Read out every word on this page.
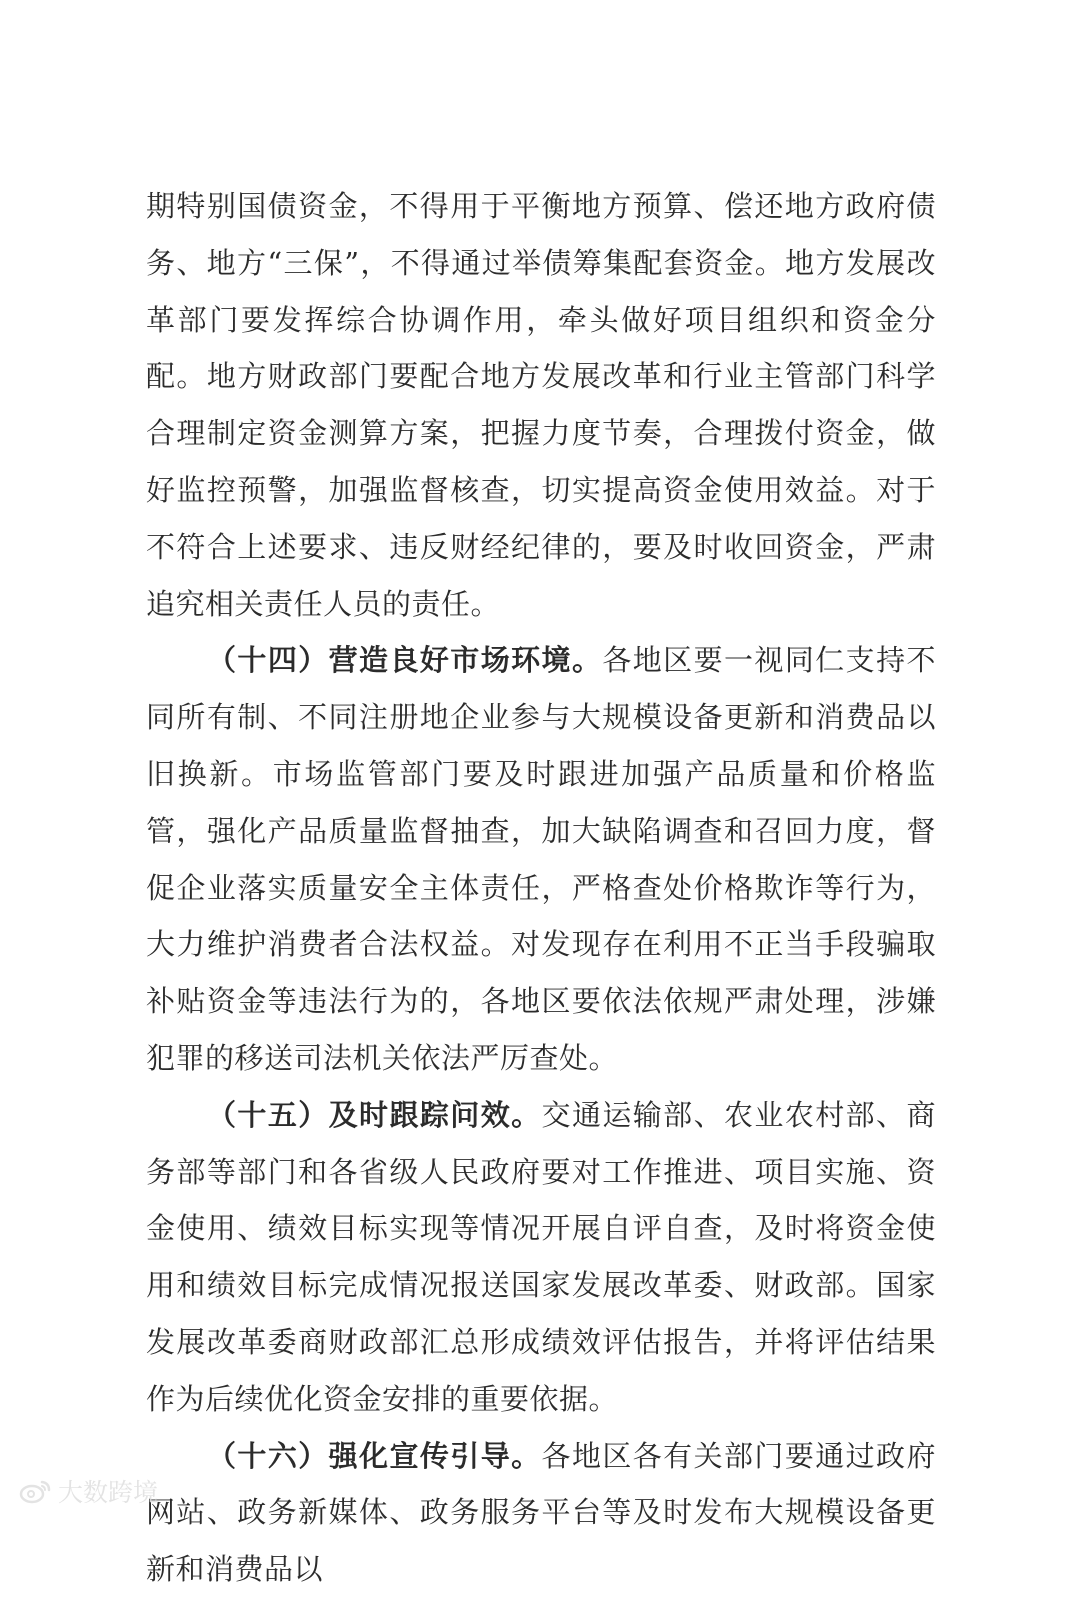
期特别国债资金，不得用于平衡地方预算、偿还地方政府债务、地方“三保”，不得通过举债筹集配套资金。地方发展改革部门要发挥综合协调作用，牵头做好项目组织和资金分配。地方财政部门要配合地方发展改革和行业主管部门科学合理制定资金测算方案，把握力度节奏，合理拨付资金，做好监控预警，加强监督核查，切实提高资金使用效益。对于不符合上述要求、违反财经纪律的，要及时收回资金，严肃追究相关责任人员的责任。

（十四）营造良好市场环境。各地区要一视同仁支持不同所有制、不同注册地企业参与大规模设备更新和消费品以旧换新。市场监管部门要及时跟进加强产品质量和价格监管，强化产品质量监督抽查，加大缺陷调查和召回力度，督促企业落实质量安全主体责任，严格查处价格欺诈等行为，大力维护消费者合法权益。对发现存在利用不正当手段骗取补贴资金等违法行为的，各地区要依法依规严肃处理，涉嫌犯罪的移送司法机关依法严厉查处。

（十五）及时跟踪问效。交通运输部、农业农村部、商务部等部门和各省级人民政府要对工作推进、项目实施、资金使用、绩效目标实现等情况开展自评自查，及时将资金使用和绩效目标完成情况报送国家发展改革委、财政部。国家发展改革委商财政部汇总形成绩效评估报告，并将评估结果作为后续优化资金安排的重要依据。

（十六）强化宣传引导。各地区各有关部门要通过政府网站、政务新媒体、政务服务平台等及时发布大规模设备更新和消费品以

大数跨境
